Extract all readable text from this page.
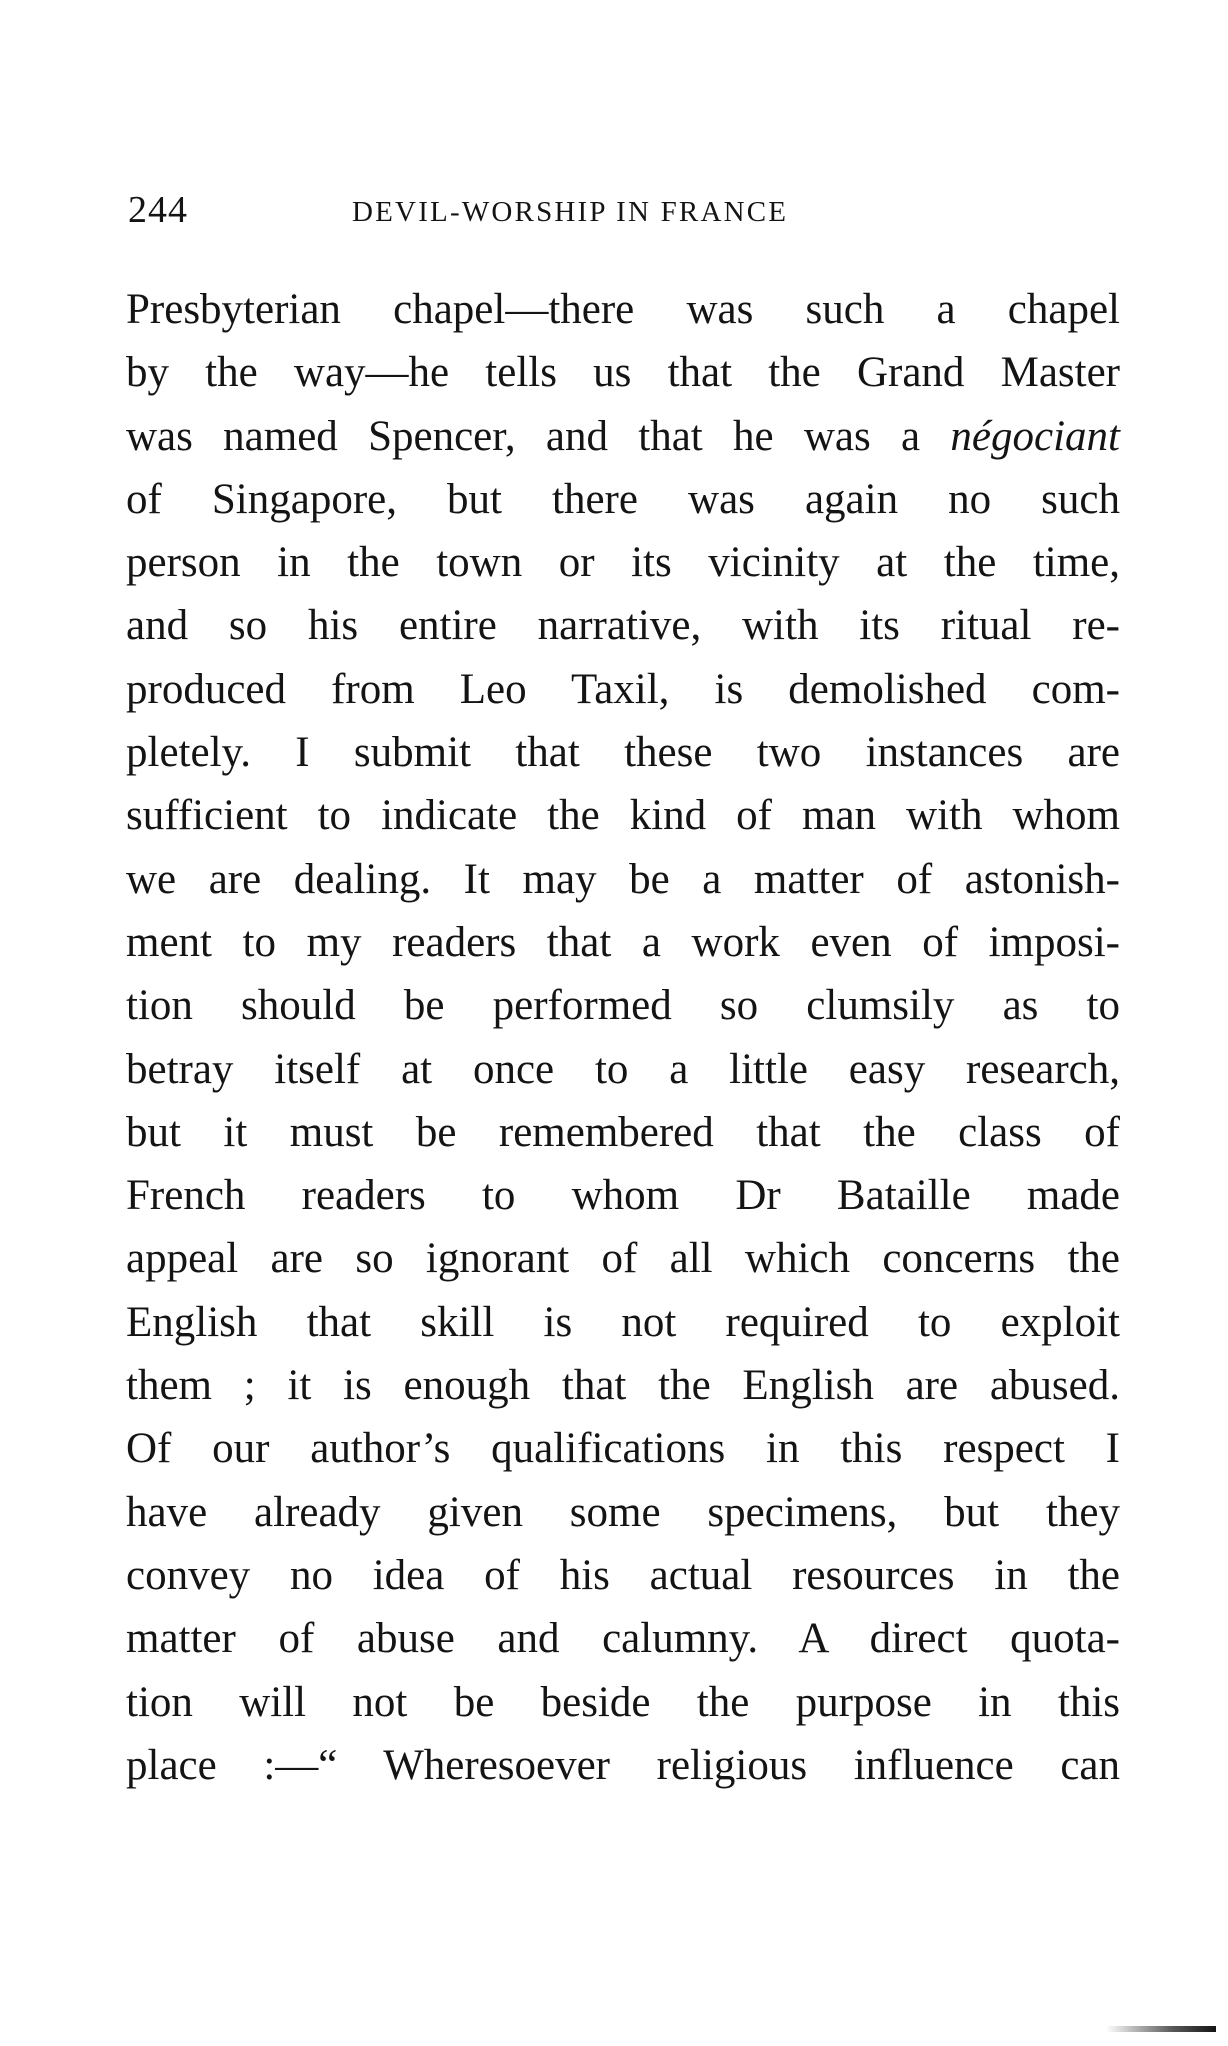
244	DEVIL-WORSHIP IN FRANCE
Presbyterian chapel—there was such a chapel
by the way—he tells us that the Grand Master
was named Spencer, and that he was a négociant
of Singapore, but there was again no such
person in the town or its vicinity at the time,
and so his entire narrative, with its ritual re-
produced from Leo Taxil, is demolished com-
pletely. I submit that these two instances are
sufficient to indicate the kind of man with whom
we are dealing. It may be a matter of astonish-
ment to my readers that a work even of imposi-
tion should be performed so clumsily as to
betray itself at once to a little easy research,
but it must be remembered that the class of
French readers to whom Dr Bataille made
appeal are so ignorant of all which concerns the
English that skill is not required to exploit
them ; it is enough that the English are abused.
Of our author’s qualifications in this respect I
have already given some specimens, but they
convey no idea of his actual resources in the
matter of abuse and calumny. A direct quota-
tion will not be beside the purpose in this
place :—“ Wheresoever religious influence can
